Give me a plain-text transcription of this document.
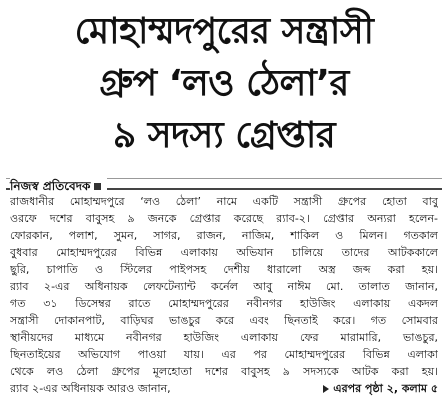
মোহাম্মদপুরের সন্ত্রাসী
গ্রুপ ‘লও ঠেলা’র
৯ সদস্য গ্রেপ্তার
নিজস্ব প্রতিবেদক
রাজধানীর মোহাম্মদপুরে ‘লও ঠেলা’ নামে একটি সন্ত্রাসী গ্রুপের হোতা বাবু
ওরফে দশের বাবুসহ ৯ জনকে গ্রেপ্তার করেছে র‍্যাব-২। গ্রেপ্তার অন্যরা হলেন-
ফোরকান, পলাশ, সুমন, সাগর, রাজন, নাজিম, শাকিল ও মিলন। গতকাল
বুধবার মোহাম্মদপুরের বিভিন্ন এলাকায় অভিযান চালিয়ে তাদের আটককালে
ছুরি, চাপাতি ও স্টিলের পাইপসহ দেশীয় ধারালো অস্ত্র জব্দ করা হয়।
র‍্যাব ২-এর অধিনায়ক লেফটেন্যান্ট কর্নেল আবু নাঈম মো. তালাত জানান,
গত ৩১ ডিসেম্বর রাতে মোহাম্মদপুরের নবীনগর হাউজিং এলাকায় একদল
সন্ত্রাসী দোকানপাট, বাড়িঘর ভাঙচুর করে এবং ছিনতাই করে। গত সোমবার
স্থানীয়দের মাধ্যমে নবীনগর হাউজিং এলাকায় ফের মারামারি, ভাঙচুর,
ছিনতাইয়ের অভিযোগ পাওয়া যায়। এর পর মোহাম্মদপুরের বিভিন্ন এলাকা
থেকে লও ঠেলা গ্রুপের মূলহোতা দশের বাবুসহ ৯ সদস্যকে আটক করা হয়।
র‍্যাব ২-এর অধিনায়ক আরও জানান,	এরপর পৃষ্ঠা ২, কলাম ৫
